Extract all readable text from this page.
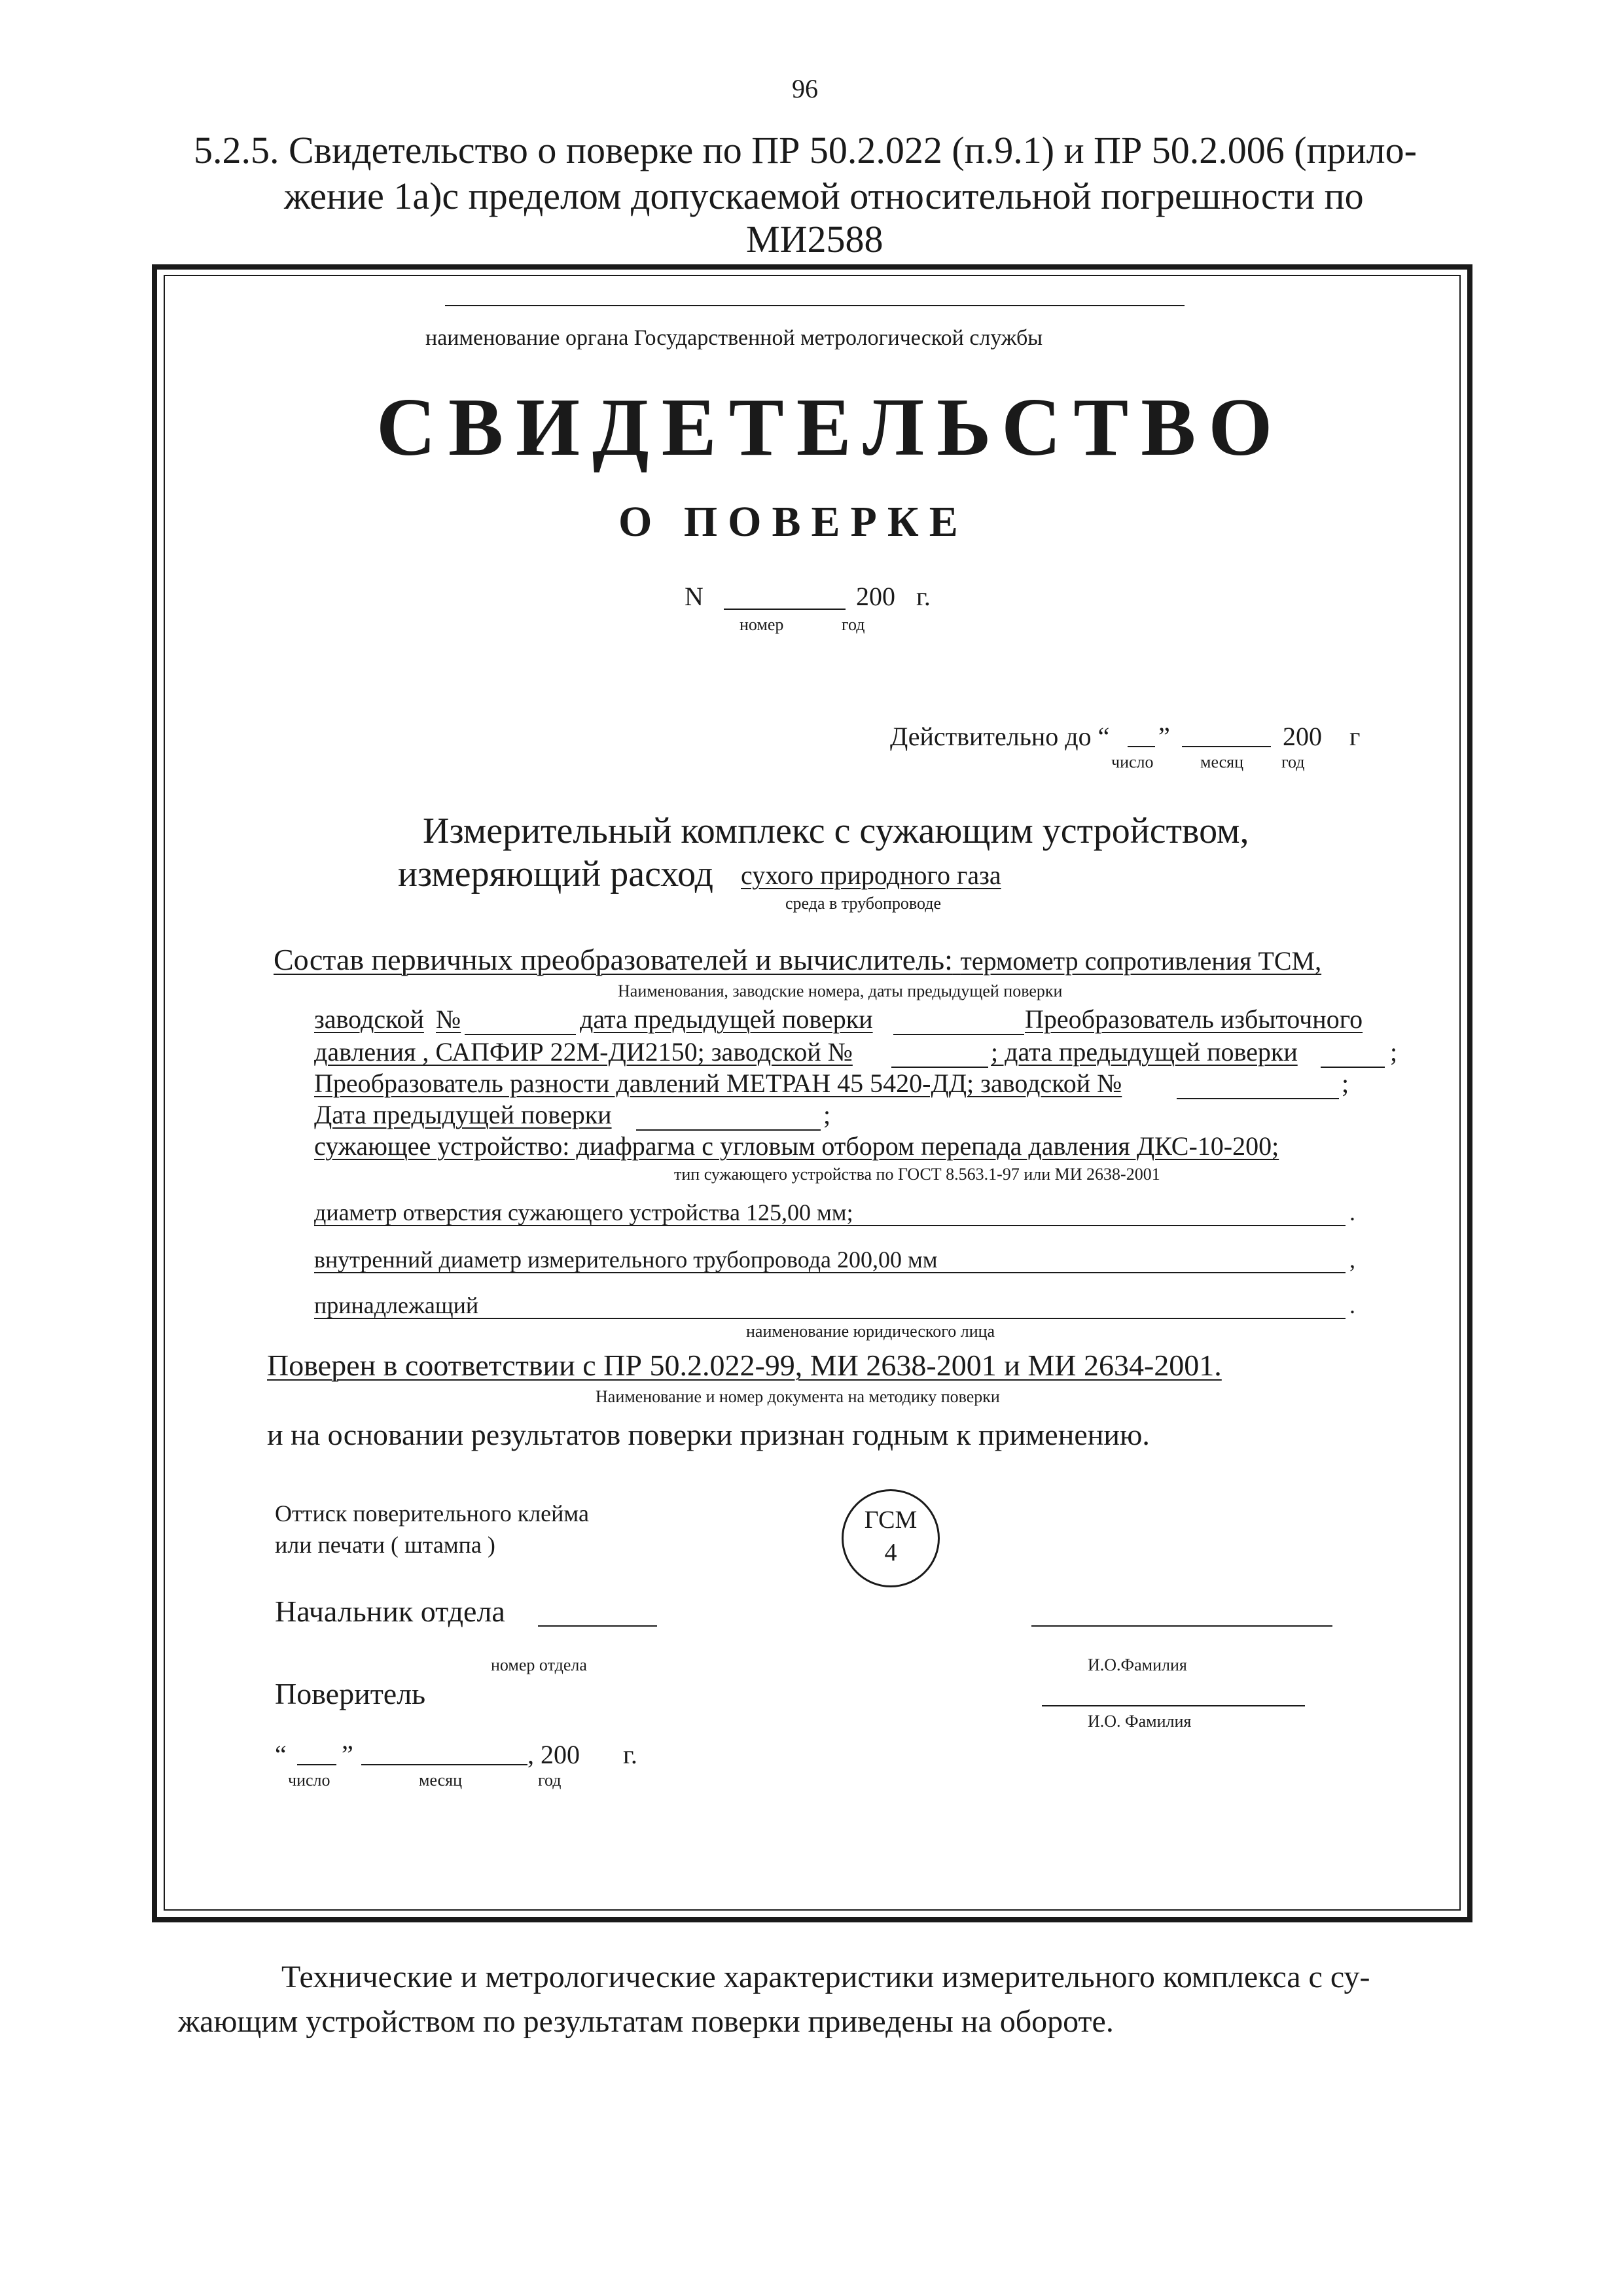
96
5.2.5. Свидетельство о поверке по ПР 50.2.022 (п.9.1) и ПР 50.2.006 (прило-
жение 1а)с пределом допускаемой относительной погрешности по
МИ2588
наименование органа Государственной метрологической службы
СВИДЕТЕЛЬСТВО
О ПОВЕРКЕ
N	200 г.
номер	год
Действительно до “ ”	200 г
число	месяц год
Измерительный комплекс с сужающим устройством,
измеряющий расход сухого природного газа
среда в трубопроводе
Состав первичных преобразователей и вычислитель: термометр сопротивления ТСМ,
Наименования, заводские номера, даты предыдущей поверки
заводской №	дата предыдущей поверки	Преобразователь избыточного
давления , САПФИР 22М-ДИ2150; заводской №	; дата предыдущей поверки	;
Преобразователь разности давлений МЕТРАН 45 5420-ДД; заводской №	;
Дата предыдущей поверки	;
сужающее устройство: диафрагма с угловым отбором перепада давления ДКС-10-200;
тип сужающего устройства по ГОСТ 8.563.1-97 или МИ 2638-2001
диаметр отверстия сужающего устройства 125,00 мм;	.
внутренний диаметр измерительного трубопровода 200,00 мм	,
принадлежащий	.
наименование юридического лица
Поверен в соответствии с ПР 50.2.022-99, МИ 2638-2001 и МИ 2634-2001.
Наименование и номер документа на методику поверки
и на основании результатов поверки признан годным к применению.
Оттиск поверительного клейма
или печати ( штампа )
ГСМ
4
Начальник отдела
номер отдела	И.О.Фамилия
Поверитель
И.О. Фамилия
“ ”	, 200 г.
число	месяц	год
Технические и метрологические характеристики измерительного комплекса с су-
жающим устройством по результатам поверки приведены на обороте.
